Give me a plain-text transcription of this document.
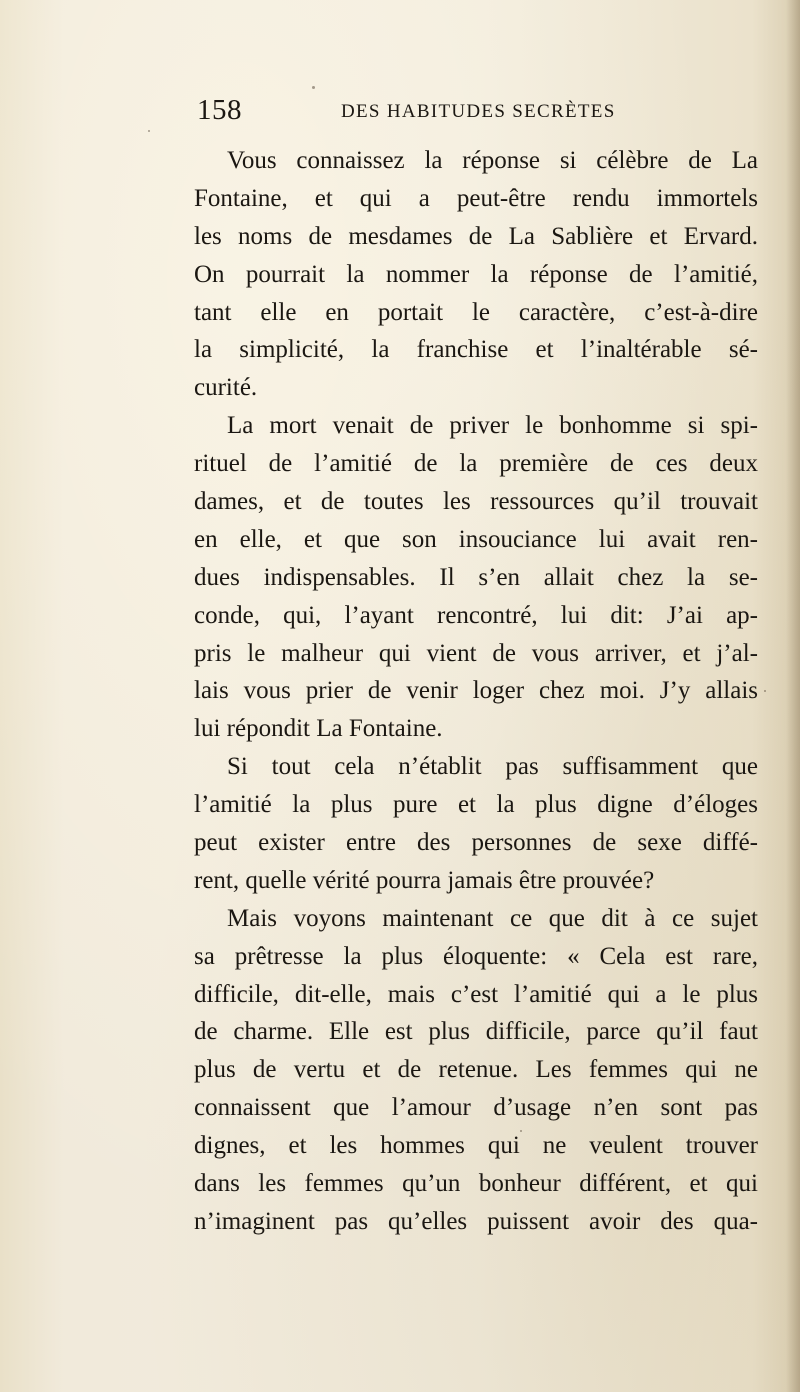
158	DES HABITUDES SECRÈTES
Vous connaissez la réponse si célèbre de La
Fontaine, et qui a peut-être rendu immortels
les noms de mesdames de La Sablière et Ervard.
On pourrait la nommer la réponse de l’amitié,
tant elle en portait le caractère, c’est-à-dire
la simplicité, la franchise et l’inaltérable sé-
curité.
La mort venait de priver le bonhomme si spi-
rituel de l’amitié de la première de ces deux
dames, et de toutes les ressources qu’il trouvait
en elle, et que son insouciance lui avait ren-
dues indispensables. Il s’en allait chez la se-
conde, qui, l’ayant rencontré, lui dit: J’ai ap-
pris le malheur qui vient de vous arriver, et j’al-
lais vous prier de venir loger chez moi. J’y allais
lui répondit La Fontaine.
Si tout cela n’établit pas suffisamment que
l’amitié la plus pure et la plus digne d’éloges
peut exister entre des personnes de sexe diffé-
rent, quelle vérité pourra jamais être prouvée?
Mais voyons maintenant ce que dit à ce sujet
sa prêtresse la plus éloquente: « Cela est rare,
difficile, dit-elle, mais c’est l’amitié qui a le plus
de charme. Elle est plus difficile, parce qu’il faut
plus de vertu et de retenue. Les femmes qui ne
connaissent que l’amour d’usage n’en sont pas
dignes, et les hommes qui ne veulent trouver
dans les femmes qu’un bonheur différent, et qui
n’imaginent pas qu’elles puissent avoir des qua-
